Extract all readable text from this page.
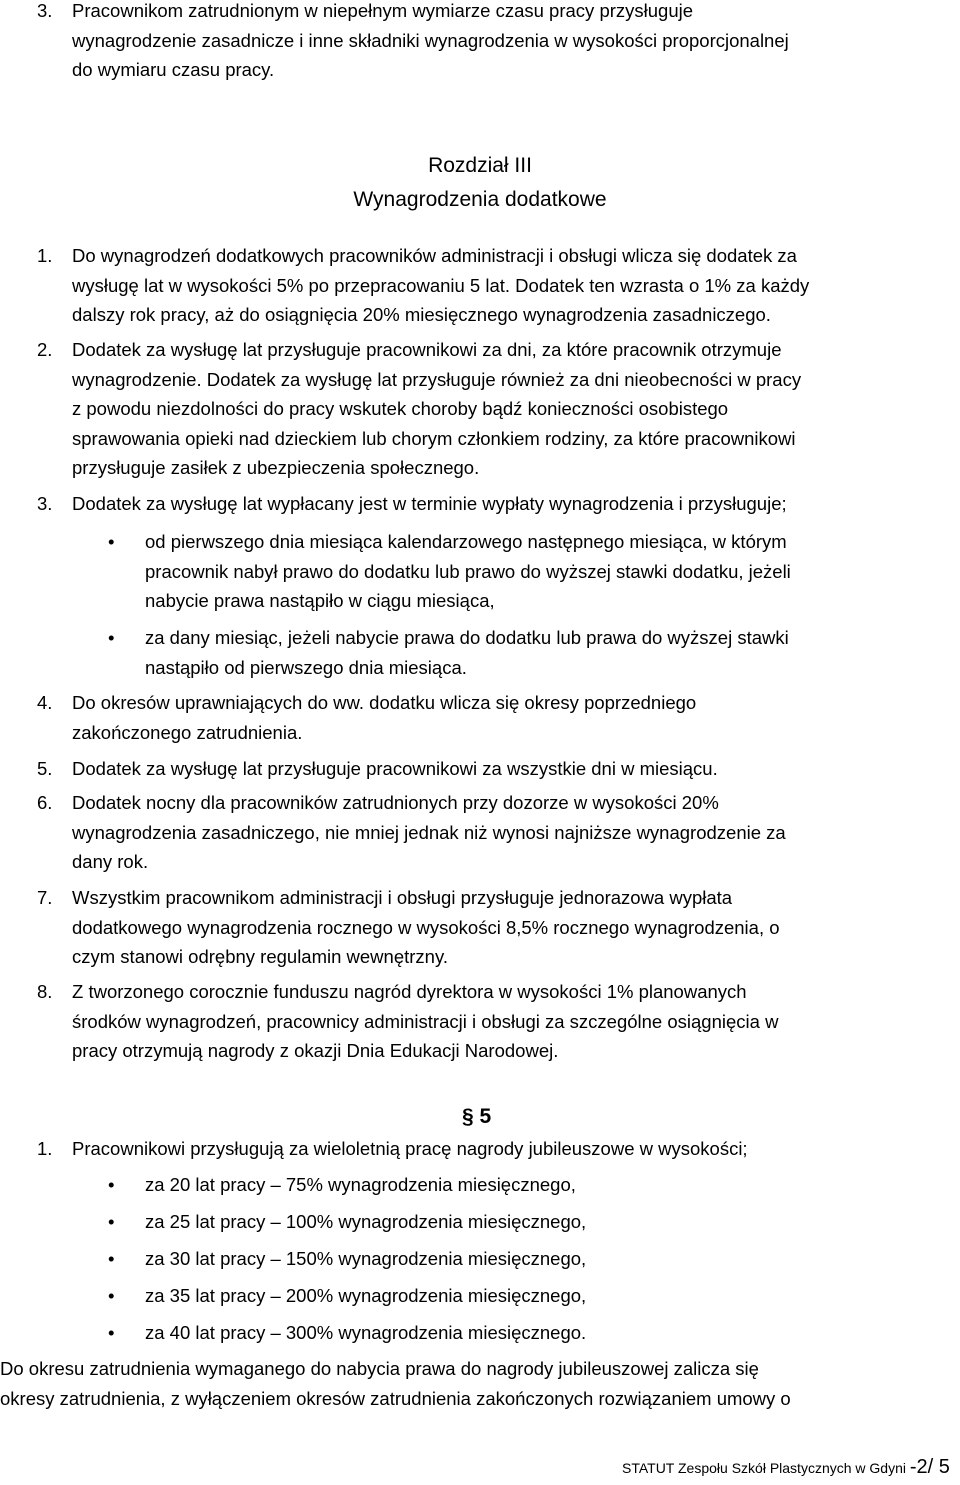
3.	Pracownikom zatrudnionym w niepełnym wymiarze czasu pracy przysługuje
wynagrodzenie zasadnicze i inne składniki wynagrodzenia w wysokości proporcjonalnej
do wymiaru czasu pracy.
Rozdział III
Wynagrodzenia dodatkowe
1.	Do wynagrodzeń dodatkowych pracowników administracji i obsługi wlicza się dodatek za
wysługę lat w wysokości 5% po przepracowaniu 5 lat. Dodatek ten wzrasta o 1% za każdy
dalszy rok pracy, aż do osiągnięcia 20% miesięcznego wynagrodzenia zasadniczego.
2.	Dodatek za wysługę lat przysługuje pracownikowi za dni, za które pracownik otrzymuje
wynagrodzenie. Dodatek za wysługę lat przysługuje również za dni nieobecności w pracy
z powodu niezdolności do pracy wskutek choroby bądź konieczności osobistego
sprawowania opieki nad dzieckiem lub chorym członkiem rodziny, za które pracownikowi
przysługuje zasiłek z ubezpieczenia społecznego.
3.	Dodatek za wysługę lat wypłacany jest w terminie wypłaty wynagrodzenia i przysługuje;
•	od pierwszego dnia miesiąca kalendarzowego następnego miesiąca, w którym
pracownik nabył prawo do dodatku lub prawo do wyższej stawki dodatku, jeżeli
nabycie prawa nastąpiło w ciągu miesiąca,
•	za dany miesiąc, jeżeli nabycie prawa do dodatku lub prawa do wyższej stawki
nastąpiło od pierwszego dnia miesiąca.
4.	Do okresów uprawniających do ww. dodatku wlicza się okresy poprzedniego
zakończonego zatrudnienia.
5.	Dodatek za wysługę lat przysługuje pracownikowi za wszystkie dni w miesiącu.
6.	Dodatek nocny dla pracowników zatrudnionych przy dozorze w wysokości 20%
wynagrodzenia zasadniczego, nie mniej jednak niż wynosi najniższe wynagrodzenie za
dany rok.
7.	Wszystkim pracownikom administracji i obsługi przysługuje jednorazowa wypłata
dodatkowego wynagrodzenia rocznego w wysokości 8,5% rocznego wynagrodzenia, o
czym stanowi odrębny regulamin wewnętrzny.
8.	Z tworzonego corocznie funduszu nagród dyrektora w wysokości 1% planowanych
środków wynagrodzeń, pracownicy administracji i obsługi za szczególne osiągnięcia w
pracy otrzymują nagrody z okazji Dnia Edukacji Narodowej.
§ 5
1.	Pracownikowi przysługują za wieloletnią pracę nagrody jubileuszowe w wysokości;
•	za 20 lat pracy – 75% wynagrodzenia miesięcznego,
•	za 25 lat pracy – 100% wynagrodzenia miesięcznego,
•	za 30 lat pracy – 150% wynagrodzenia miesięcznego,
•	za 35 lat pracy – 200% wynagrodzenia miesięcznego,
•	za 40 lat pracy – 300% wynagrodzenia miesięcznego.
Do okresu zatrudnienia wymaganego do nabycia prawa do nagrody jubileuszowej zalicza się
okresy zatrudnienia, z wyłączeniem okresów zatrudnienia zakończonych rozwiązaniem umowy o
STATUT Zespołu Szkół Plastycznych w Gdyni -2/ 5
